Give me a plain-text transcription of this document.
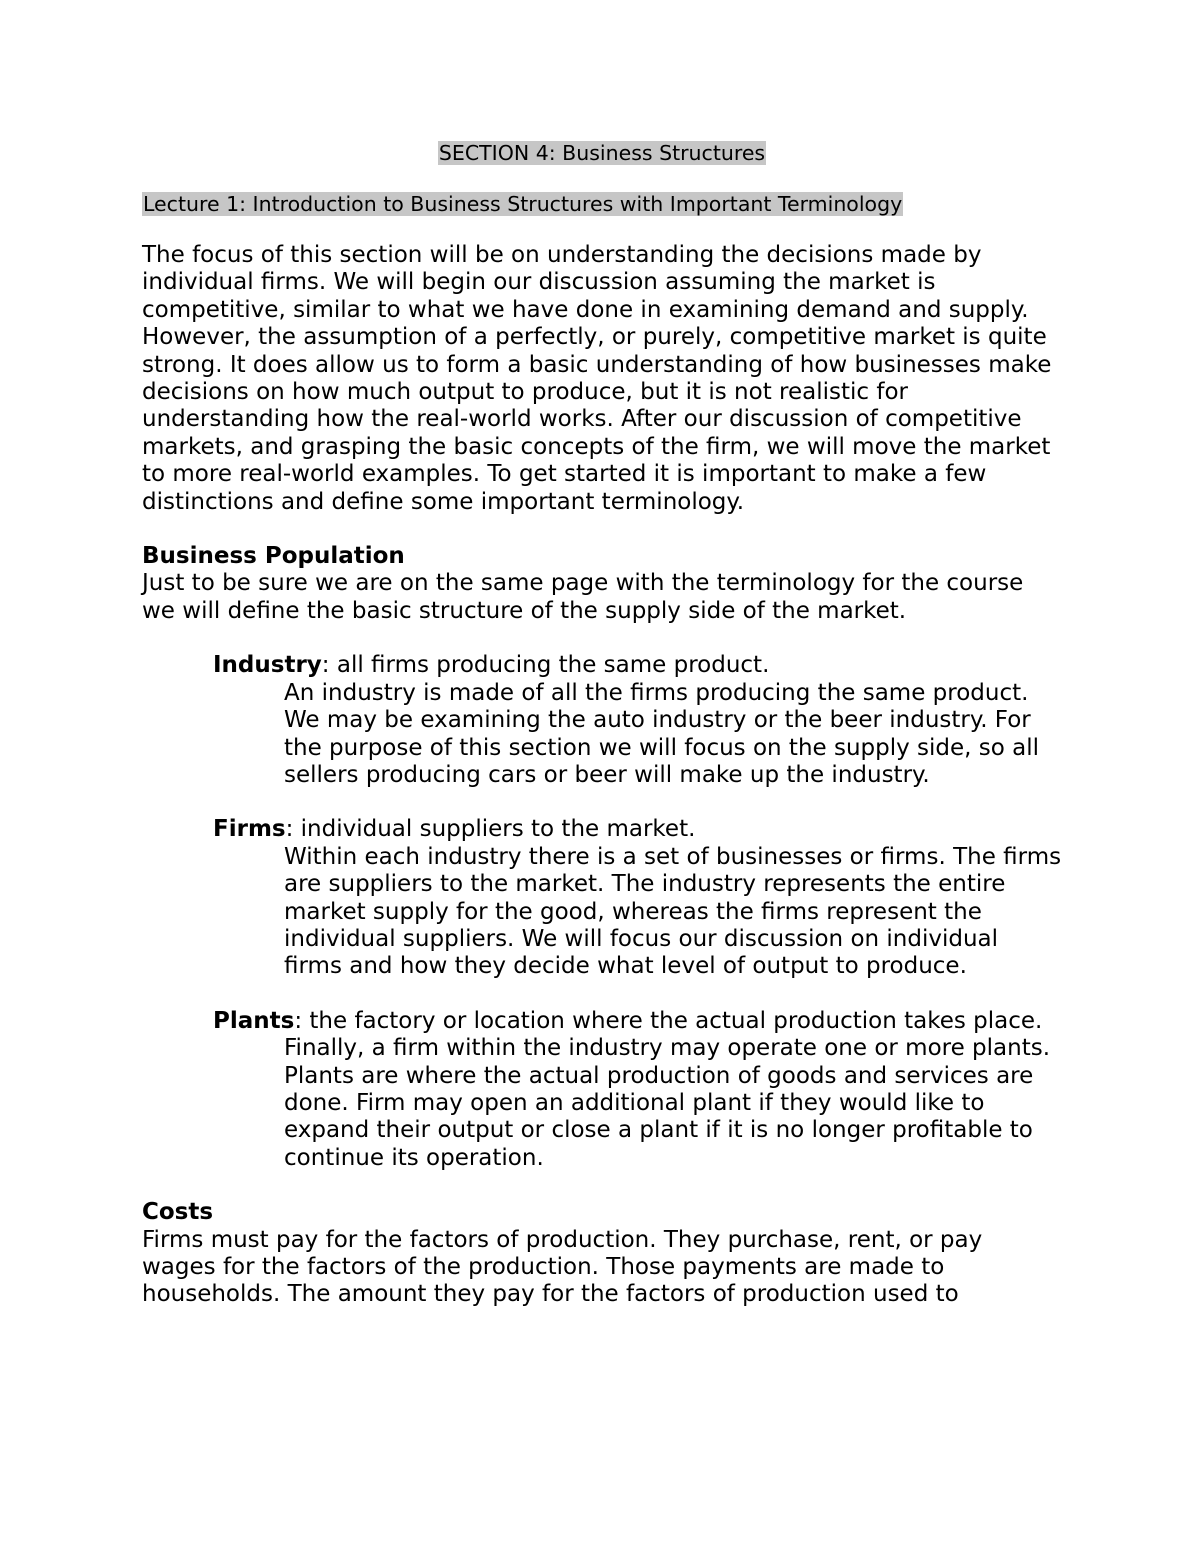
SECTION 4: Business Structures
Lecture 1: Introduction to Business Structures with Important Terminology

The focus of this section will be on understanding the decisions made by individual firms. We will begin our discussion assuming the market is competitive, similar to what we have done in examining demand and supply. However, the assumption of a perfectly, or purely, competitive market is quite strong. It does allow us to form a basic understanding of how businesses make decisions on how much output to produce, but it is not realistic for understanding how the real-world works. After our discussion of competitive markets, and grasping the basic concepts of the firm, we will move the market to more real-world examples. To get started it is important to make a few distinctions and define some important terminology.

Business Population

Just to be sure we are on the same page with the terminology for the course we will define the basic structure of the supply side of the market.

Industry: all firms producing the same product.
An industry is made of all the firms producing the same product. We may be examining the auto industry or the beer industry. For the purpose of this section we will focus on the supply side, so all sellers producing cars or beer will make up the industry.
Firms: individual suppliers to the market.
Within each industry there is a set of businesses or firms. The firms are suppliers to the market. The industry represents the entire market supply for the good, whereas the firms represent the individual suppliers. We will focus our discussion on individual firms and how they decide what level of output to produce.
Plants: the factory or location where the actual production takes place.
Finally, a firm within the industry may operate one or more plants. Plants are where the actual production of goods and services are done. Firm may open an additional plant if they would like to expand their output or close a plant if it is no longer profitable to continue its operation.
Costs

Firms must pay for the factors of production. They purchase, rent, or pay wages for the factors of the production. Those payments are made to households. The amount they pay for the factors of production used to
